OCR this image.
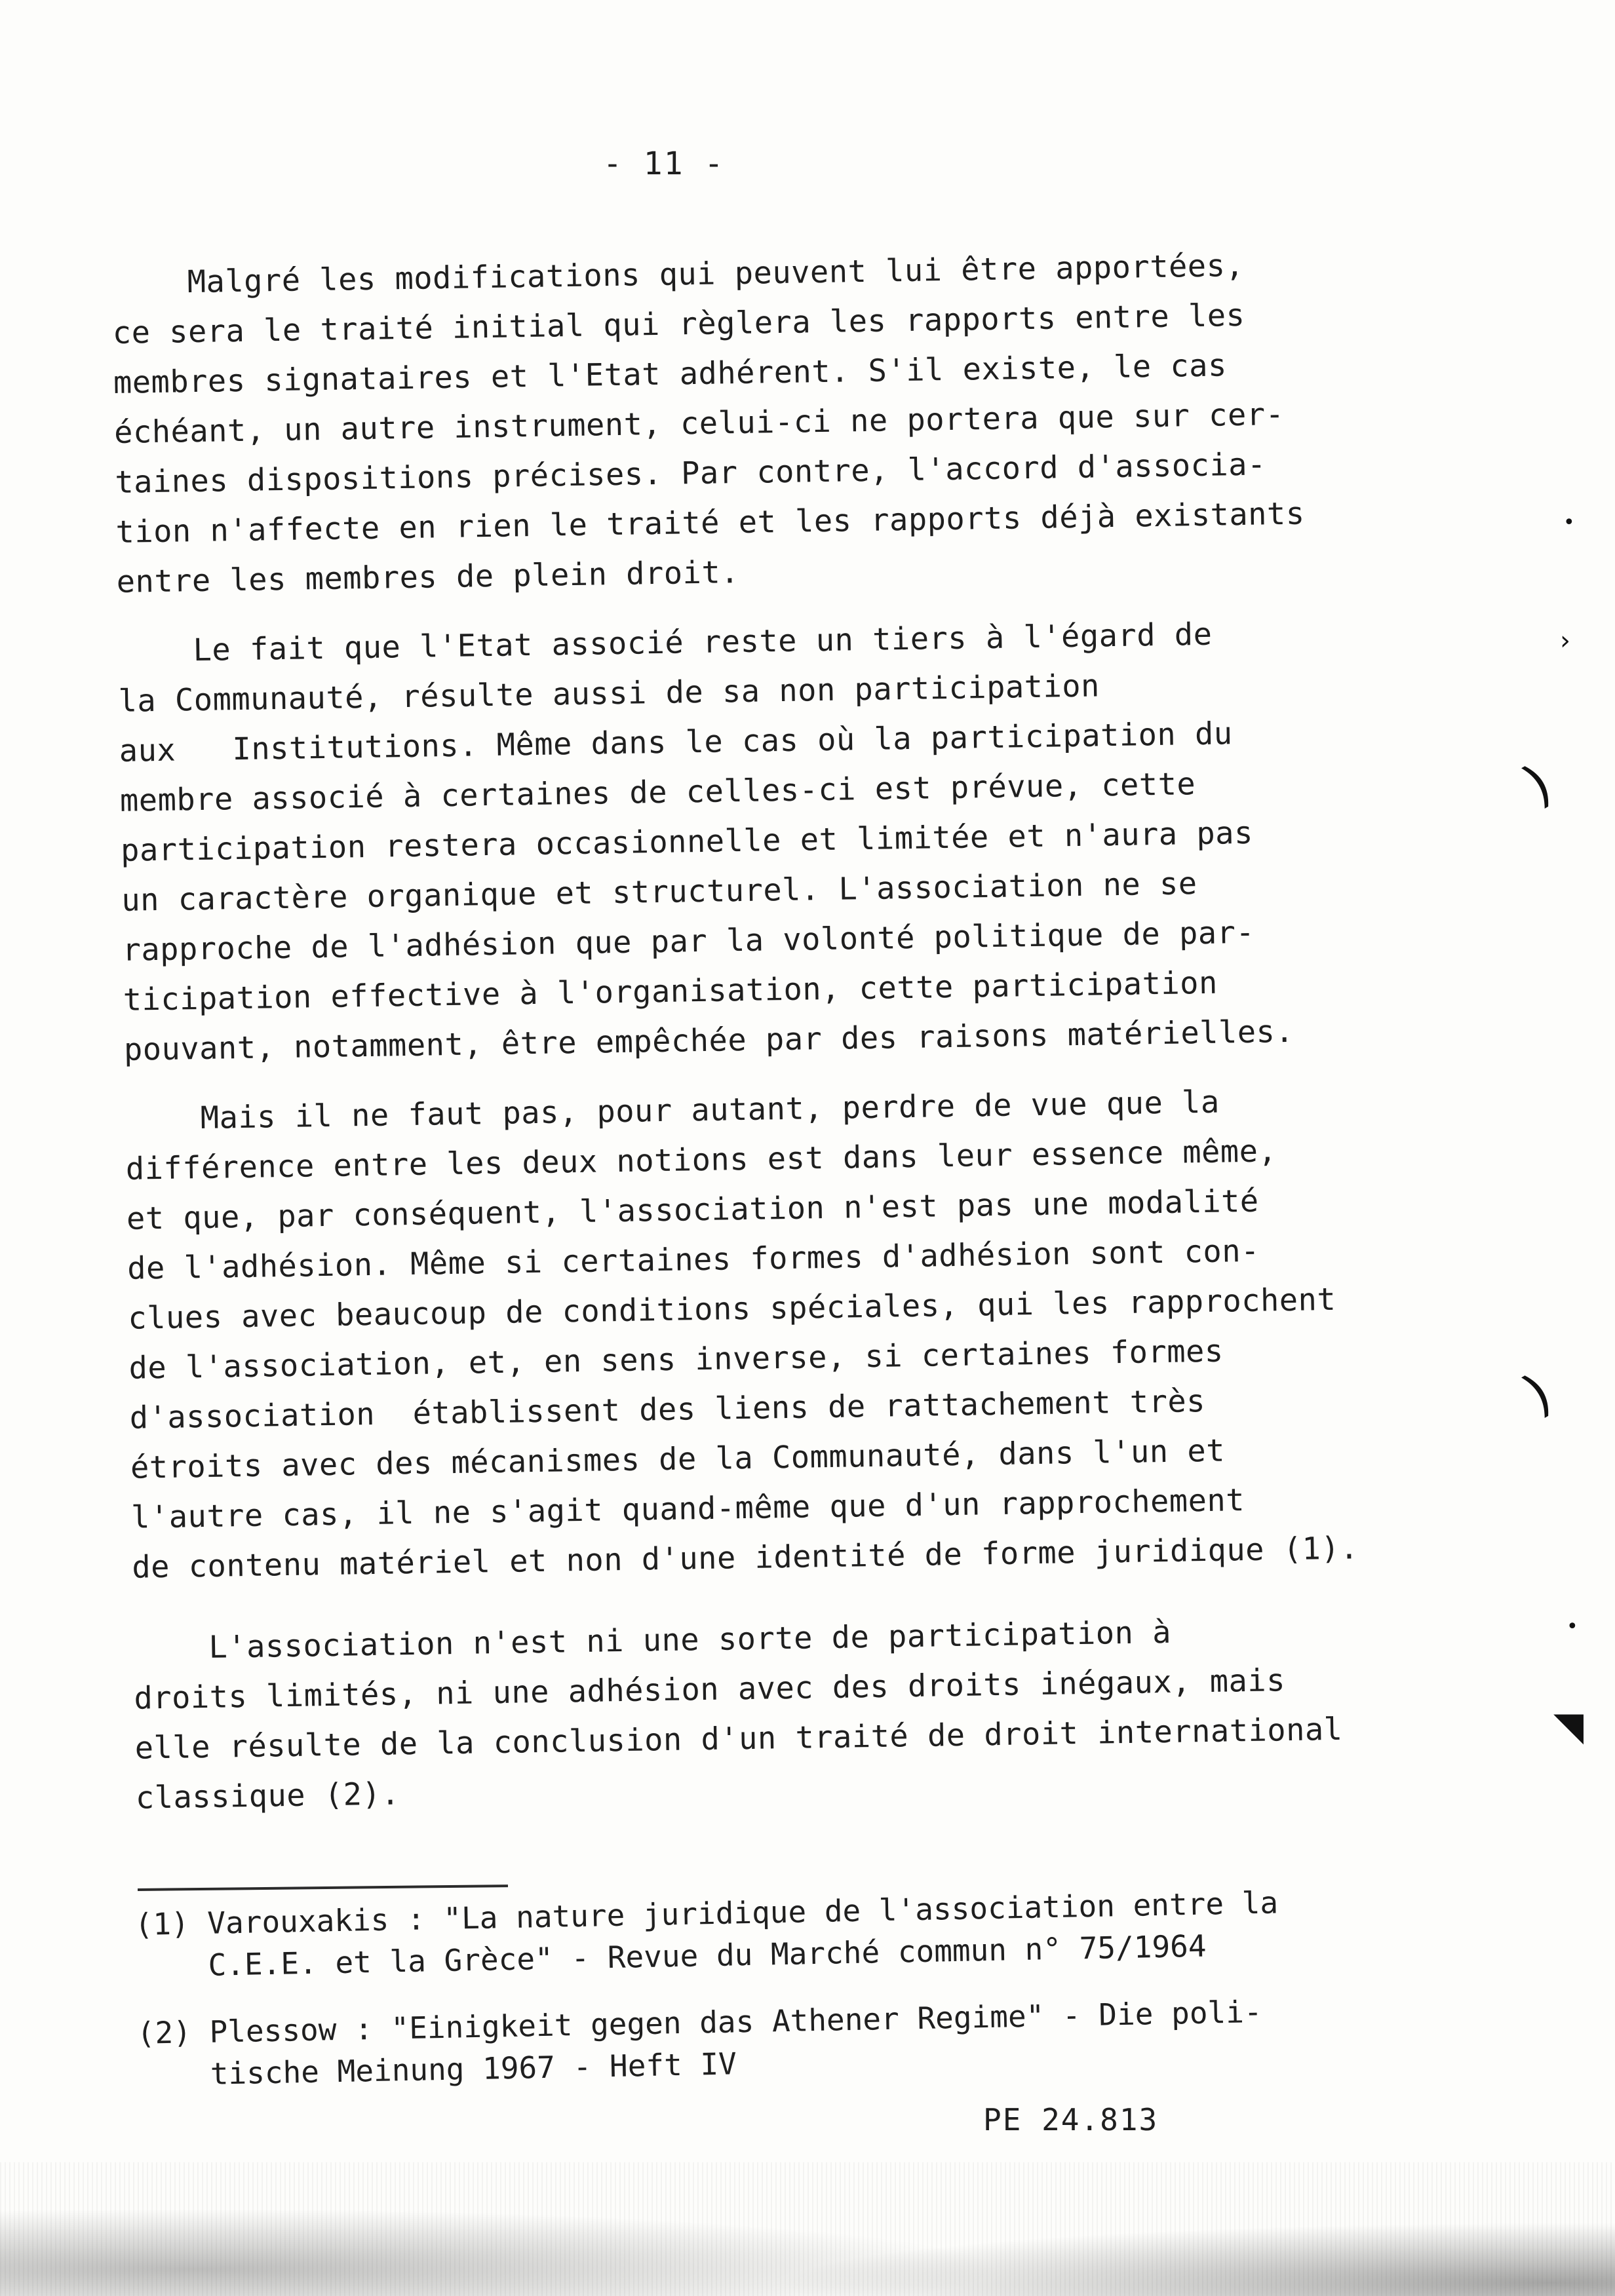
- 11 -
Malgré les modifications qui peuvent lui être apportées,
ce sera le traité initial qui règlera les rapports entre les
membres signataires et l'Etat adhérent. S'il existe, le cas
échéant, un autre instrument, celui-ci ne portera que sur cer-
taines dispositions précises. Par contre, l'accord d'associa-
tion n'affecte en rien le traité et les rapports déjà existants
entre les membres de plein droit.
Le fait que l'Etat associé reste un tiers à l'égard de
la Communauté, résulte aussi de sa non participation
aux   Institutions. Même dans le cas où la participation du
membre associé à certaines de celles-ci est prévue, cette
participation restera occasionnelle et limitée et n'aura pas
un caractère organique et structurel. L'association ne se
rapproche de l'adhésion que par la volonté politique de par-
ticipation effective à l'organisation, cette participation
pouvant, notamment, être empêchée par des raisons matérielles.
Mais il ne faut pas, pour autant, perdre de vue que la
différence entre les deux notions est dans leur essence même,
et que, par conséquent, l'association n'est pas une modalité
de l'adhésion. Même si certaines formes d'adhésion sont con-
clues avec beaucoup de conditions spéciales, qui les rapprochent
de l'association, et, en sens inverse, si certaines formes
d'association  établissent des liens de rattachement très
étroits avec des mécanismes de la Communauté, dans l'un et
l'autre cas, il ne s'agit quand-même que d'un rapprochement
de contenu matériel et non d'une identité de forme juridique (1).
L'association n'est ni une sorte de participation à
droits limités, ni une adhésion avec des droits inégaux, mais
elle résulte de la conclusion d'un traité de droit international
classique (2).
(1) Varouxakis : "La nature juridique de l'association entre la
C.E.E. et la Grèce" - Revue du Marché commun n° 75/1964
(2) Plessow : "Einigkeit gegen das Athener Regime" - Die poli-
tische Meinung 1967 - Heft IV
PE 24.813
•
›
)
)
•
◥
